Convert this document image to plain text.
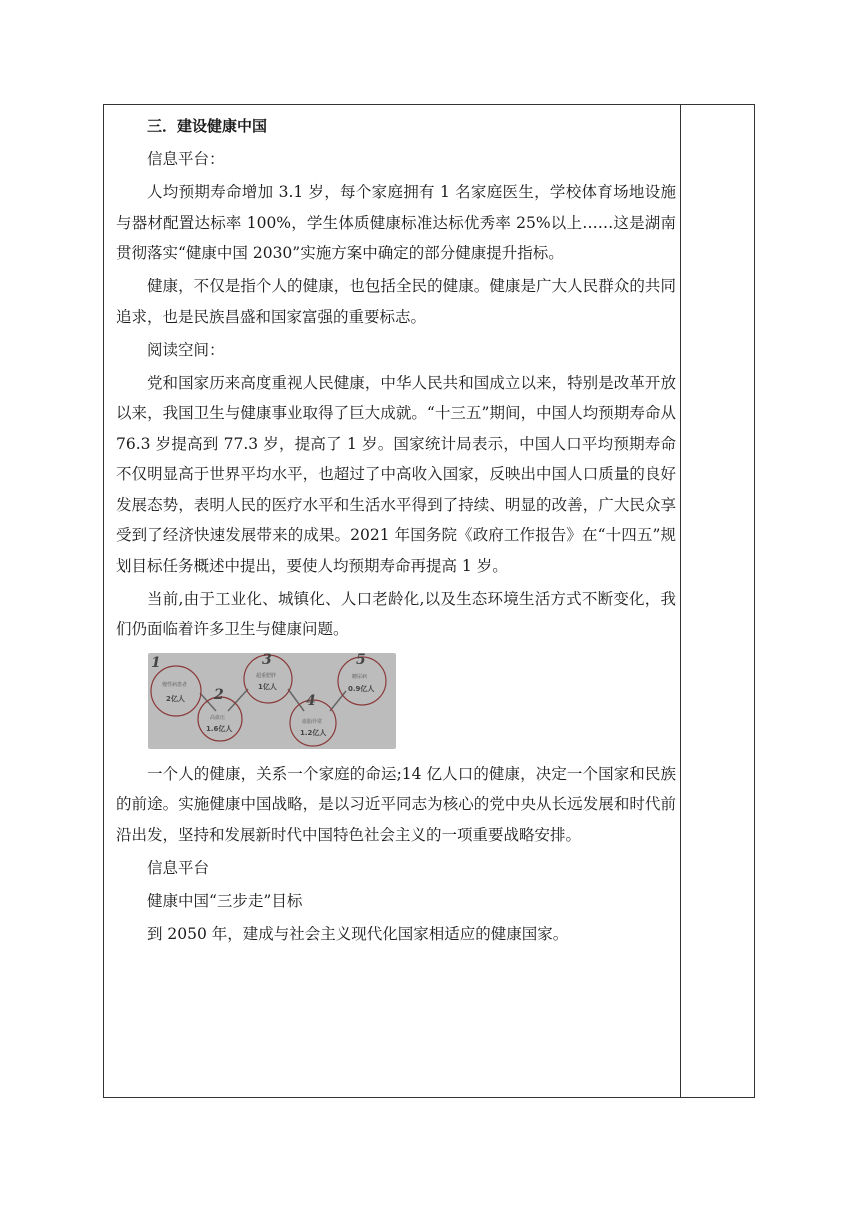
三．建设健康中国

信息平台：

人均预期寿命增加 3.1 岁，每个家庭拥有 1 名家庭医生，学校体育场地设施与器材配置达标率 100%，学生体质健康标准达标优秀率 25%以上……这是湖南贯彻落实“健康中国 2030”实施方案中确定的部分健康提升指标。

健康，不仅是指个人的健康，也包括全民的健康。健康是广大人民群众的共同追求，也是民族昌盛和国家富强的重要标志。

阅读空间：

党和国家历来高度重视人民健康，中华人民共和国成立以来，特别是改革开放以来，我国卫生与健康事业取得了巨大成就。“十三五”期间，中国人均预期寿命从 76.3 岁提高到 77.3 岁，提高了 1 岁。国家统计局表示，中国人口平均预期寿命不仅明显高于世界平均水平，也超过了中高收入国家，反映出中国人口质量的良好发展态势，表明人民的医疗水平和生活水平得到了持续、明显的改善，广大民众享受到了经济快速发展带来的成果。2021 年国务院《政府工作报告》在“十四五”规划目标任务概述中提出，要使人均预期寿命再提高 1 岁。

当前,由于工业化、城镇化、人口老龄化,以及生态环境生活方式不断变化，我们仍面临着许多卫生与健康问题。

1
慢性病患者
2亿人 2
高血压
1.6亿人
3
超重肥胖
1亿人
4
血脂异常
1.2亿人
5
糖尿病
0.9亿人

一个人的健康，关系一个家庭的命运;14 亿人口的健康，决定一个国家和民族的前途。实施健康中国战略，是以习近平同志为核心的党中央从长远发展和时代前沿出发，坚持和发展新时代中国特色社会主义的一项重要战略安排。

信息平台

健康中国“三步走”目标

到 2050 年，建成与社会主义现代化国家相适应的健康国家。
